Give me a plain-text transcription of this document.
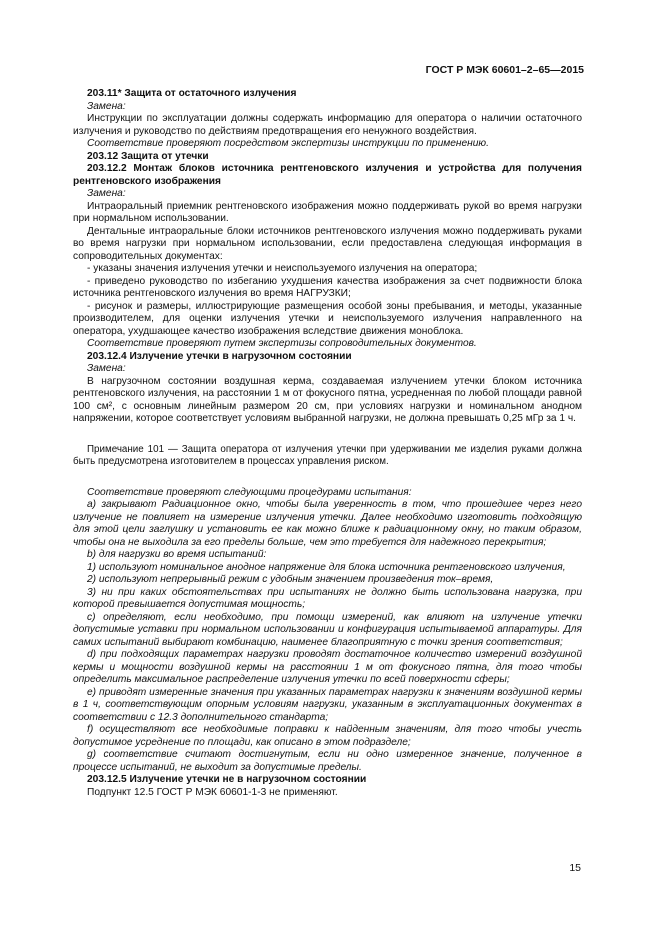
ГОСТ Р МЭК 60601–2–65—2015

203.11* Защита от остаточного излучения

Замена:

Инструкции по эксплуатации должны содержать информацию для оператора о наличии остаточного излучения и руководство по действиям предотвращения его ненужного воздействия.

Соответствие проверяют посредством экспертизы инструкции по применению.

203.12 Защита от утечки

203.12.2 Монтаж блоков источника рентгеновского излучения и устройства для получения рентгеновского изображения

Замена:

Интраоральный приемник рентгеновского изображения можно поддерживать рукой во время нагрузки при нормальном использовании.

Дентальные интраоральные блоки источников рентгеновского излучения можно поддерживать руками во время нагрузки при нормальном использовании, если предоставлена следующая информация в сопроводительных документах:

- указаны значения излучения утечки и неиспользуемого излучения на оператора;

- приведено руководство по избеганию ухудшения качества изображения за счет подвижности блока источника рентгеновского излучения во время НАГРУЗКИ;

- рисунок и размеры, иллюстрирующие размещения особой зоны пребывания, и методы, указанные производителем, для оценки излучения утечки и неиспользуемого излучения направленного на оператора, ухудшающее качество изображения вследствие движения моноблока.

Соответствие проверяют путем экспертизы сопроводительных документов.

203.12.4 Излучение утечки в нагрузочном состоянии

Замена:

В нагрузочном состоянии воздушная керма, создаваемая излучением утечки блоком источника рентгеновского излучения, на расстоянии 1 м от фокусного пятна, усредненная по любой площади равной 100 см², с основным линейным размером 20 см, при условиях нагрузки и номинальном анодном напряжении, которое соответствует условиям выбранной нагрузки, не должна превышать 0,25 мГр за 1 ч.

Примечание 101 — Защита оператора от излучения утечки при удерживании ме изделия руками должна быть предусмотрена изготовителем в процессах управления риском.

Соответствие проверяют следующими процедурами испытания:

а) закрывают Радиационное окно, чтобы была уверенность в том, что прошедшее через него излучение не повлияет на измерение излучения утечки. Далее необходимо изготовить подходящую для этой цели заглушку и установить ее как можно ближе к радиационному окну, но таким образом, чтобы она не выходила за его пределы больше, чем это требуется для надежного перекрытия;

b) для нагрузки во время испытаний:

1) используют номинальное анодное напряжение для блока источника рентгеновского излучения,

2) используют непрерывный режим с удобным значением произведения ток–время,

3) ни при каких обстоятельствах при испытаниях не должно быть использована нагрузка, при которой превышается допустимая мощность;

с) определяют, если необходимо, при помощи измерений, как влияют на излучение утечки допустимые уставки при нормальном использовании и конфигурация испытываемой аппаратуры. Для самих испытаний выбирают комбинацию, наименее благоприятную с точки зрения соответствия;

d) при подходящих параметрах нагрузки проводят достаточное количество измерений воздушной кермы и мощности воздушной кермы на расстоянии 1 м от фокусного пятна, для того чтобы определить максимальное распределение излучения утечки по всей поверхности сферы;

е) приводят измеренные значения при указанных параметрах нагрузки к значениям воздушной кермы в 1 ч, соответствующим опорным условиям нагрузки, указанным в эксплуатационных документах в соответствии с 12.3 дополнительного стандарта;

f) осуществляют все необходимые поправки к найденным значениям, для того чтобы учесть допустимое усреднение по площади, как описано в этом подразделе;

g) соответствие считают достигнутым, если ни одно измеренное значение, полученное в процессе испытаний, не выходит за допустимые пределы.

203.12.5 Излучение утечки не в нагрузочном состоянии

Подпункт 12.5 ГОСТ Р МЭК 60601-1-3 не применяют.

15
